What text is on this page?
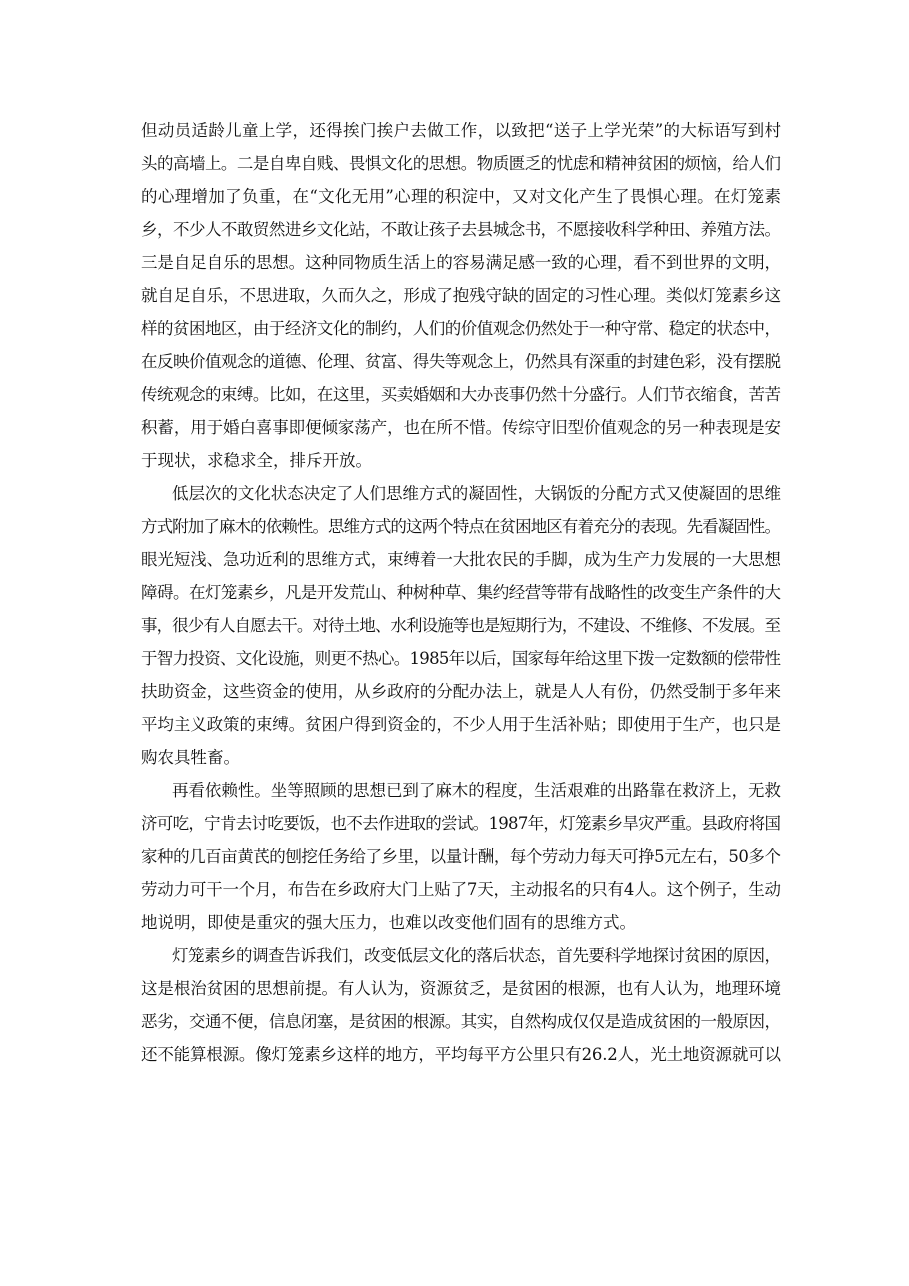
但动员适龄儿童上学，还得挨门挨户去做工作，以致把“送子上学光荣”的大标语写到村
头的高墙上。二是自卑自贱、畏惧文化的思想。物质匮乏的忧虑和精神贫困的烦恼，给人们
的心理增加了负重，在“文化无用”心理的积淀中，又对文化产生了畏惧心理。在灯笼素
乡，不少人不敢贸然进乡文化站，不敢让孩子去县城念书，不愿接收科学种田、养殖方法。
三是自足自乐的思想。这种同物质生活上的容易满足感一致的心理，看不到世界的文明，
就自足自乐，不思进取，久而久之，形成了抱残守缺的固定的习性心理。类似灯笼素乡这
样的贫困地区，由于经济文化的制约，人们的价值观念仍然处于一种守常、稳定的状态中，
在反映价值观念的道德、伦理、贫富、得失等观念上，仍然具有深重的封建色彩，没有摆脱
传统观念的束缚。比如，在这里，买卖婚姻和大办丧事仍然十分盛行。人们节衣缩食，苦苦
积蓄，用于婚白喜事即便倾家荡产，也在所不惜。传综守旧型价值观念的另一种表现是安
于现状，求稳求全，排斥开放。
低层次的文化状态决定了人们思维方式的凝固性，大锅饭的分配方式又使凝固的思维
方式附加了麻木的依赖性。思维方式的这两个特点在贫困地区有着充分的表现。先看凝固性。
眼光短浅、急功近利的思维方式，束缚着一大批农民的手脚，成为生产力发展的一大思想
障碍。在灯笼素乡，凡是开发荒山、种树种草、集约经营等带有战略性的改变生产条件的大
事，很少有人自愿去干。对待土地、水利设施等也是短期行为，不建设、不维修、不发展。至
于智力投资、文化设施，则更不热心。1985年以后，国家每年给这里下拨一定数额的偿带性
扶助资金，这些资金的使用，从乡政府的分配办法上，就是人人有份，仍然受制于多年来
平均主义政策的束缚。贫困户得到资金的，不少人用于生活补贴；即使用于生产，也只是
购农具牲畜。
再看依赖性。坐等照顾的思想已到了麻木的程度，生活艰难的出路靠在救济上，无救
济可吃，宁肯去讨吃要饭，也不去作进取的尝试。1987年，灯笼素乡旱灾严重。县政府将国
家种的几百亩黄芪的刨挖任务给了乡里，以量计酬，每个劳动力每天可挣5元左右，50多个
劳动力可干一个月，布告在乡政府大门上贴了7天，主动报名的只有4人。这个例子，生动
地说明，即使是重灾的强大压力，也难以改变他们固有的思维方式。
灯笼素乡的调查告诉我们，改变低层文化的落后状态，首先要科学地探讨贫困的原因，
这是根治贫困的思想前提。有人认为，资源贫乏，是贫困的根源，也有人认为，地理环境
恶劣，交通不便，信息闭塞，是贫困的根源。其实，自然构成仅仅是造成贫困的一般原因，
还不能算根源。像灯笼素乡这样的地方，平均每平方公里只有26.2人，光土地资源就可以
